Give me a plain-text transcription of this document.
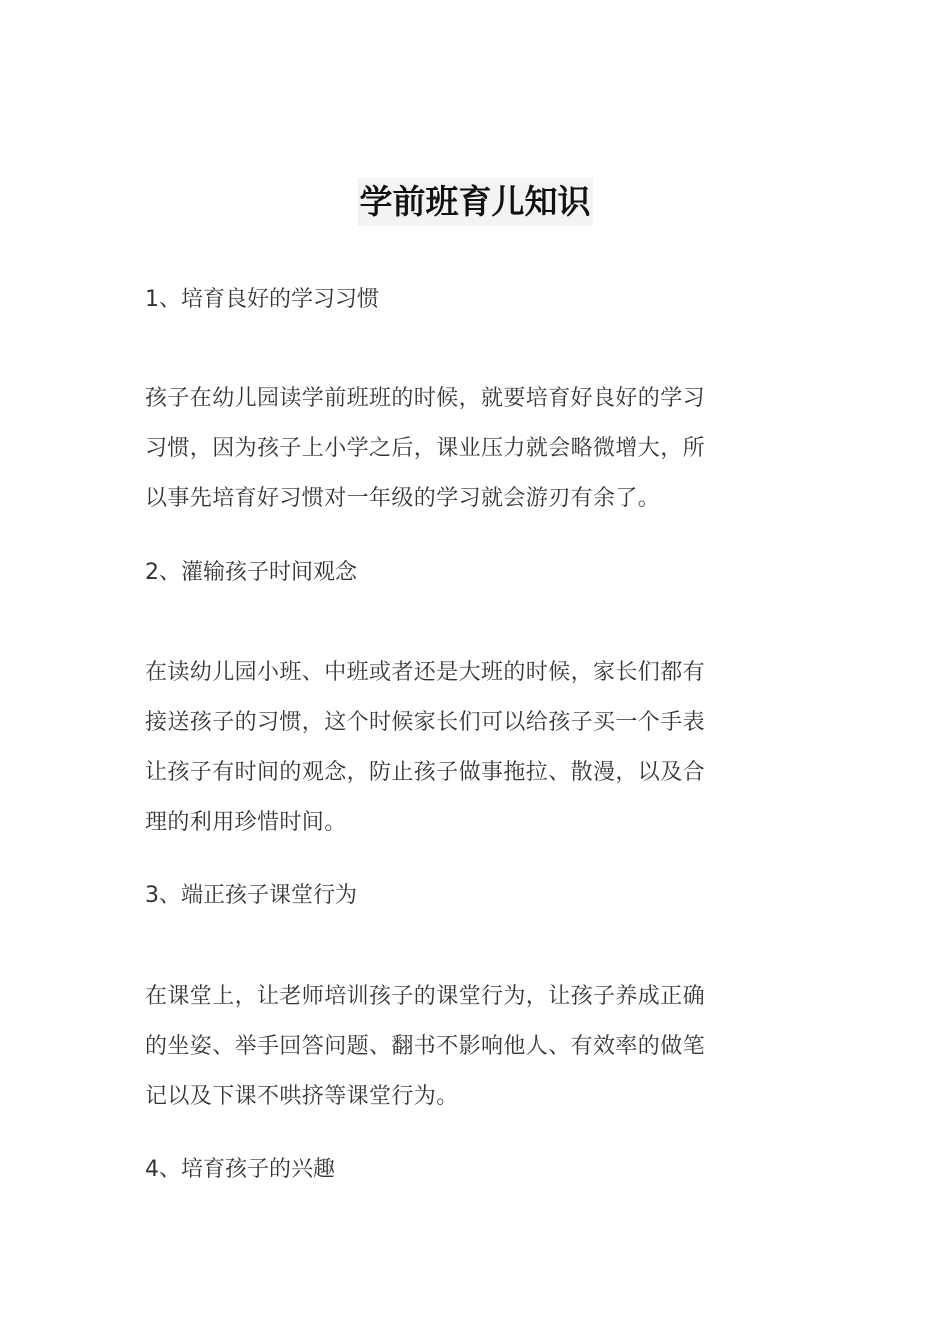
学前班育儿知识
1、培育良好的学习习惯
孩子在幼儿园读学前班班的时候，就要培育好良好的学习
习惯，因为孩子上小学之后，课业压力就会略微增大，所
以事先培育好习惯对一年级的学习就会游刃有余了。
2、灌输孩子时间观念
在读幼儿园小班、中班或者还是大班的时候，家长们都有
接送孩子的习惯，这个时候家长们可以给孩子买一个手表
让孩子有时间的观念，防止孩子做事拖拉、散漫，以及合
理的利用珍惜时间。
3、端正孩子课堂行为
在课堂上，让老师培训孩子的课堂行为，让孩子养成正确
的坐姿、举手回答问题、翻书不影响他人、有效率的做笔
记以及下课不哄挤等课堂行为。
4、培育孩子的兴趣
